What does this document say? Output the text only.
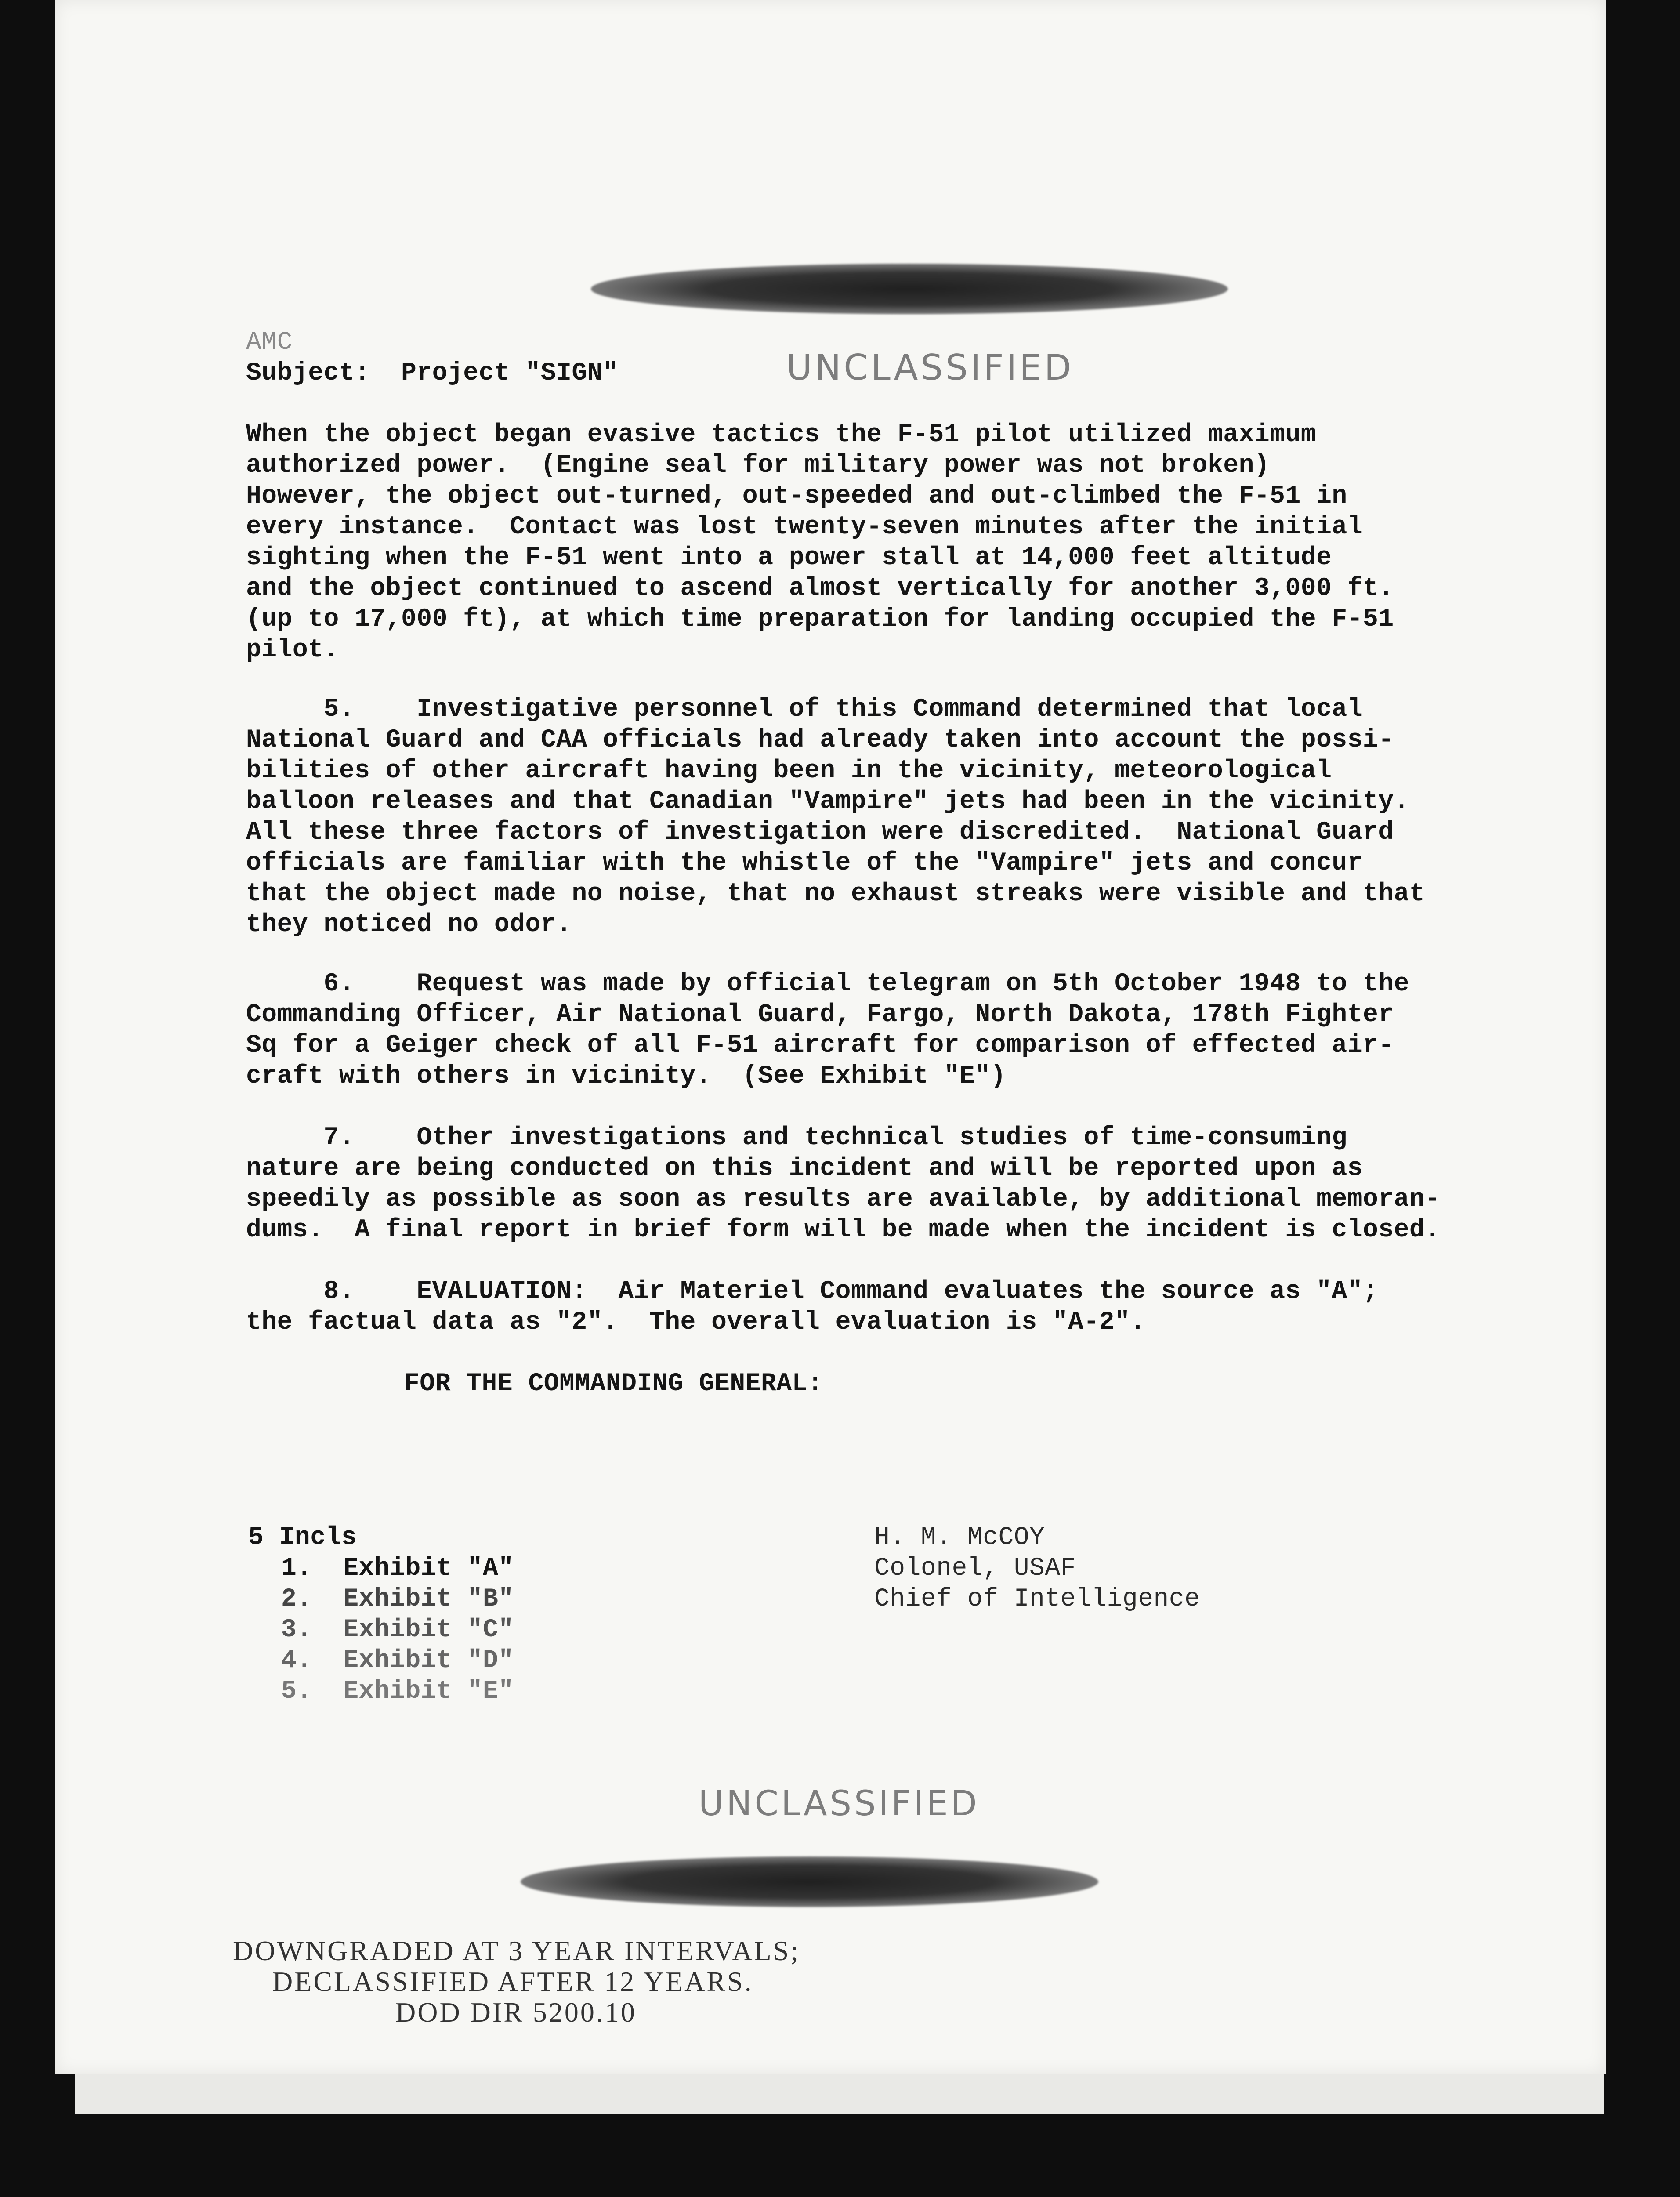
AMC
Subject:  Project "SIGN"	UNCLASSIFIED
When the object began evasive tactics the F-51 pilot utilized maximum
authorized power.  (Engine seal for military power was not broken)
However, the object out-turned, out-speeded and out-climbed the F-51 in
every instance.  Contact was lost twenty-seven minutes after the initial
sighting when the F-51 went into a power stall at 14,000 feet altitude
and the object continued to ascend almost vertically for another 3,000 ft.
(up to 17,000 ft), at which time preparation for landing occupied the F-51
pilot.
5.    Investigative personnel of this Command determined that local
National Guard and CAA officials had already taken into account the possi-
bilities of other aircraft having been in the vicinity, meteorological
balloon releases and that Canadian "Vampire" jets had been in the vicinity.
All these three factors of investigation were discredited.  National Guard
officials are familiar with the whistle of the "Vampire" jets and concur
that the object made no noise, that no exhaust streaks were visible and that
they noticed no odor.
6.    Request was made by official telegram on 5th October 1948 to the
Commanding Officer, Air National Guard, Fargo, North Dakota, 178th Fighter
Sq for a Geiger check of all F-51 aircraft for comparison of effected air-
craft with others in vicinity.  (See Exhibit "E")
7.    Other investigations and technical studies of time-consuming
nature are being conducted on this incident and will be reported upon as
speedily as possible as soon as results are available, by additional memoran-
dums.  A final report in brief form will be made when the incident is closed.
8.    EVALUATION:  Air Materiel Command evaluates the source as "A";
the factual data as "2".  The overall evaluation is "A-2".
FOR THE COMMANDING GENERAL:
5 Incls
1.  Exhibit "A"
2.  Exhibit "B"
3.  Exhibit "C"
4.  Exhibit "D"
5.  Exhibit "E"
H. M. McCOY
Colonel, USAF
Chief of Intelligence
UNCLASSIFIED
DOWNGRADED AT 3 YEAR INTERVALS;
DECLASSIFIED AFTER 12 YEARS.
DOD DIR 5200.10
